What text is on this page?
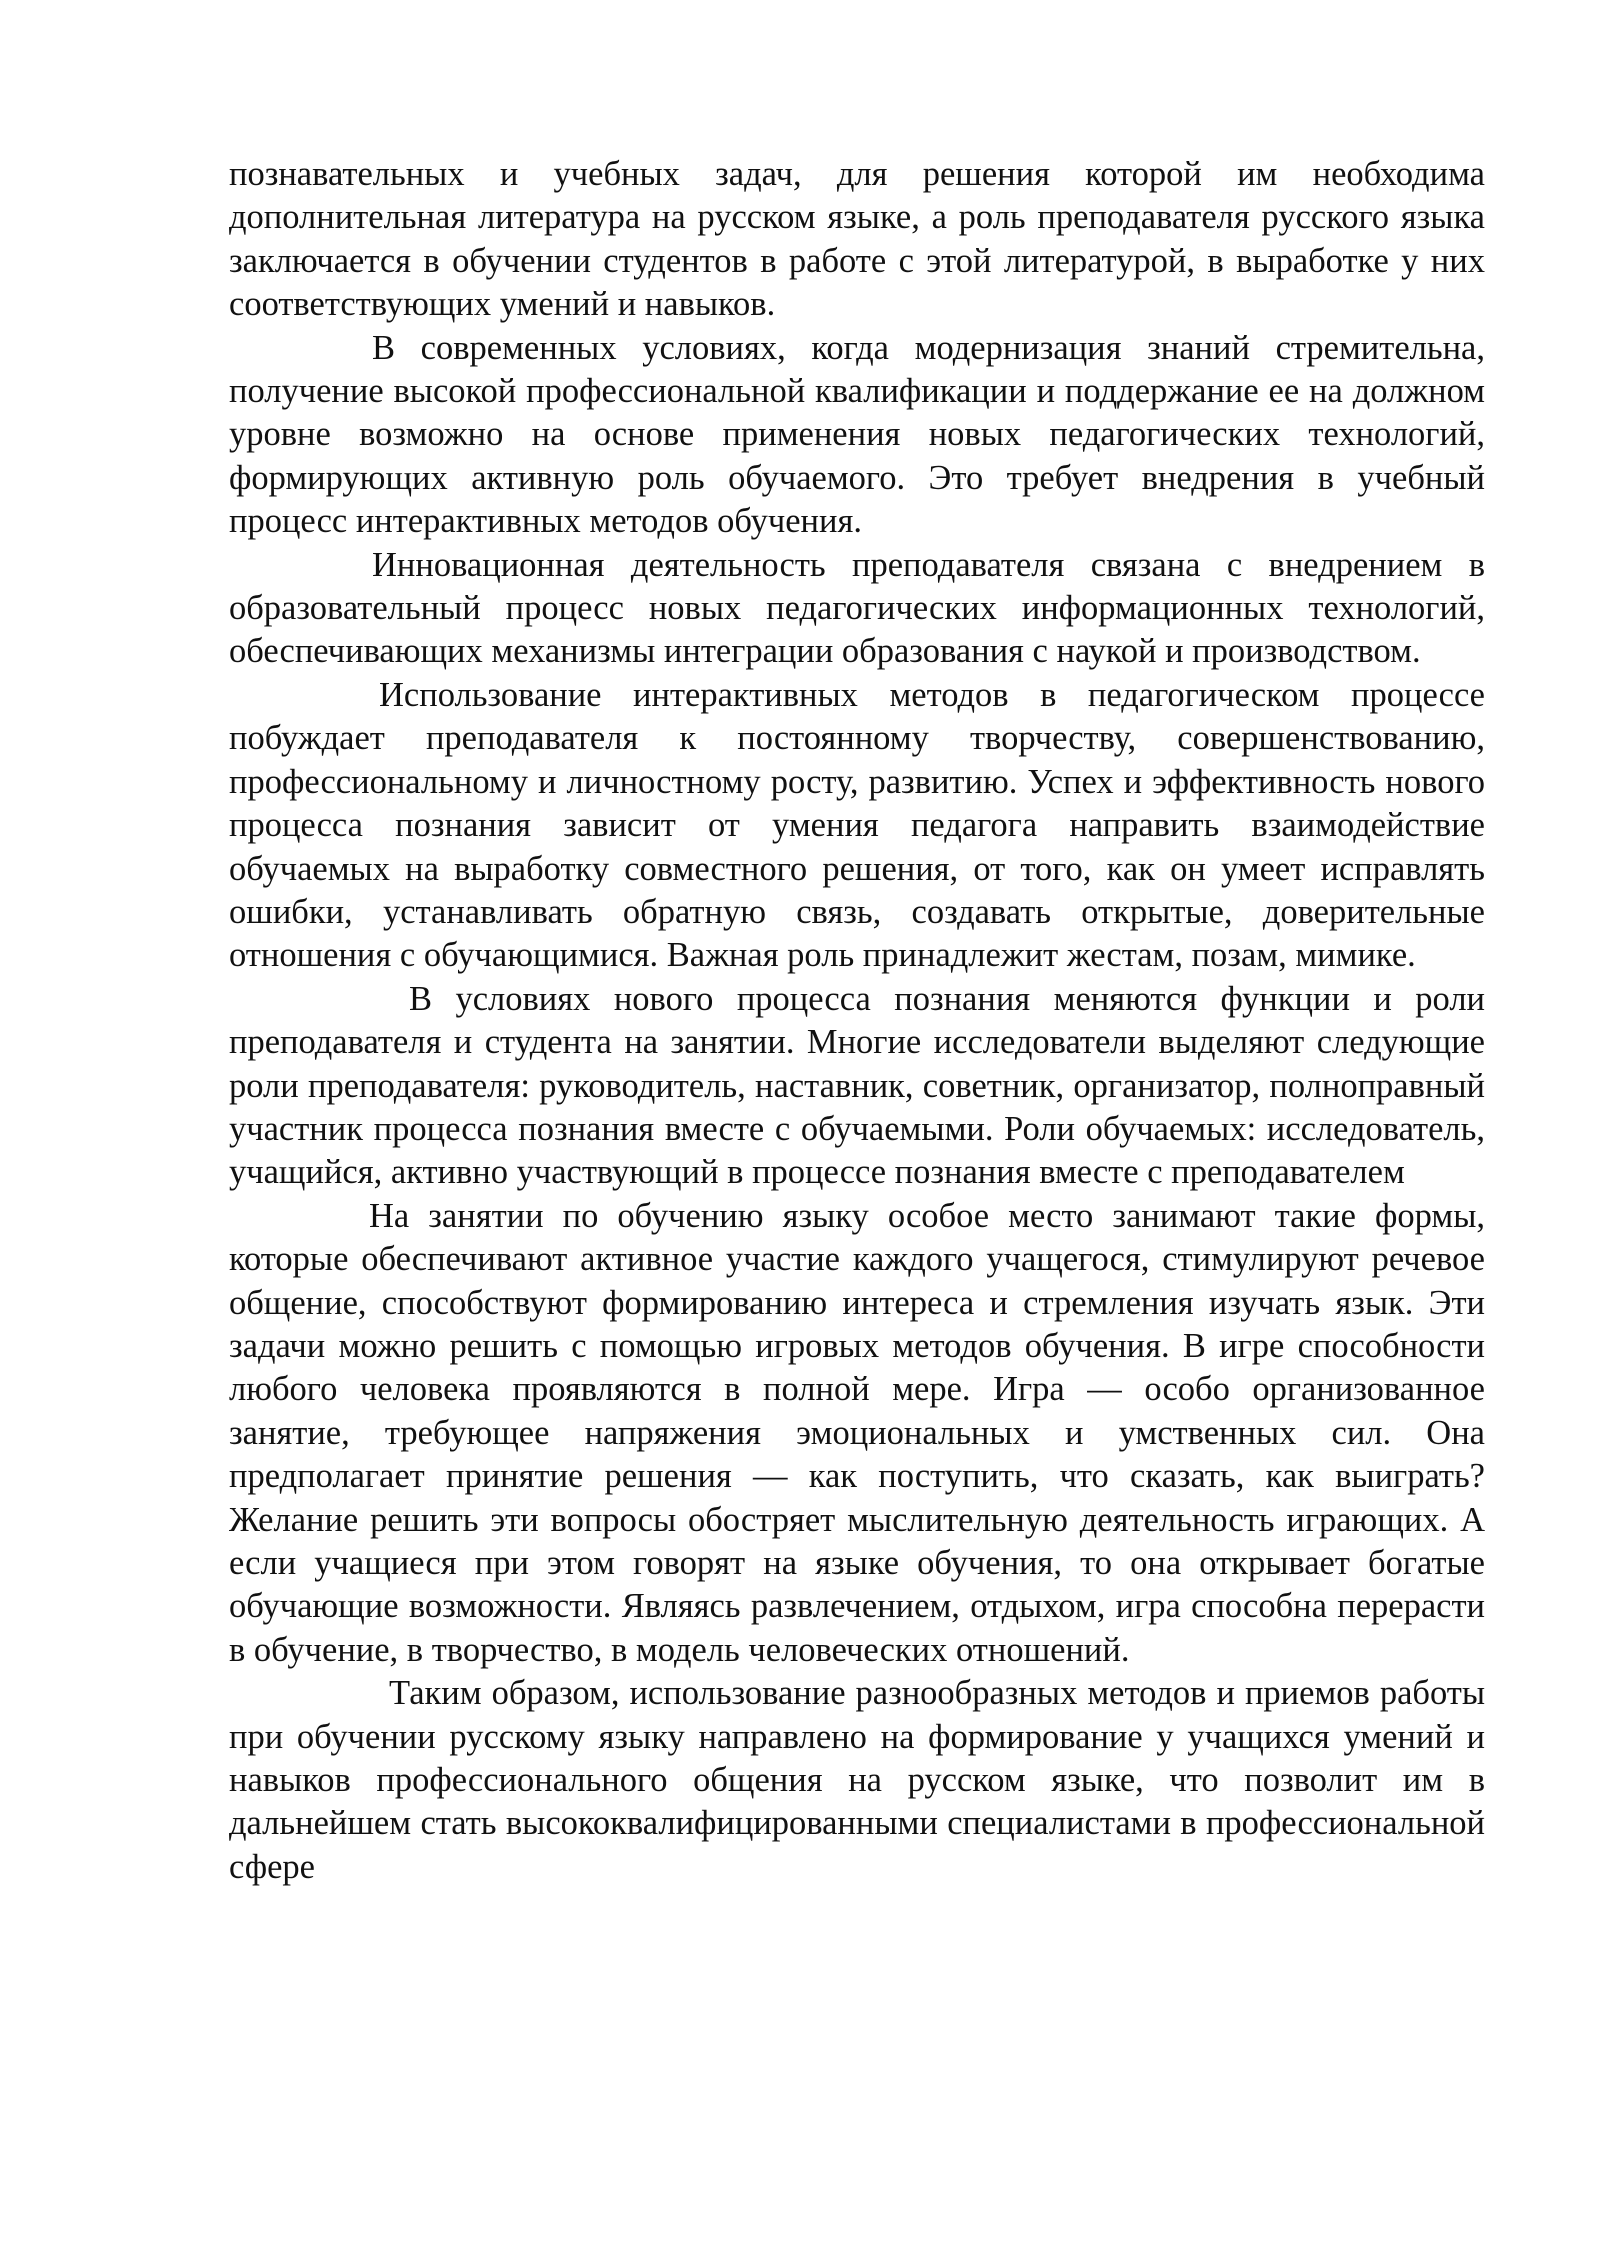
познавательных и учебных задач, для решения которой им необходима дополнительная литература на русском языке, а роль преподавателя русского языка заключается в обучении студентов в работе с этой литературой, в выработке у них соответствующих умений и навыков.

В современных условиях, когда модернизация знаний стремительна, получение высокой профессиональной квалификации и поддержание ее на должном уровне возможно на основе применения новых педагогических технологий, формирующих активную роль обучаемого. Это требует внедрения в учебный процесс интерактивных методов обучения.

Инновационная деятельность преподавателя связана с внедрением в образовательный процесс новых педагогических информационных технологий, обеспечивающих механизмы интеграции образования с наукой и производством.

Использование интерактивных методов в педагогическом процессе побуждает преподавателя к постоянному творчеству, совершенствованию, профессиональному и личностному росту, развитию. Успех и эффективность нового процесса познания зависит от умения педагога направить взаимодействие обучаемых на выработку совместного решения, от того, как он умеет исправлять ошибки, устанавливать обратную связь, создавать открытые, доверительные отношения с обучающимися. Важная роль принадлежит жестам, позам, мимике.

В условиях нового процесса познания меняются функции и роли преподавателя и студента на занятии. Многие исследователи выделяют следующие роли преподавателя: руководитель, наставник, советник, организатор, полноправный участник процесса познания вместе с обучаемыми. Роли обучаемых: исследователь, учащийся, активно участвующий в процессе познания вместе с преподавателем

На занятии по обучению языку особое место занимают такие формы, которые обеспечивают активное участие каждого учащегося, стимулируют речевое общение, способствуют формированию интереса и стремления изучать язык. Эти задачи можно решить с помощью игровых методов обучения. В игре способности любого человека проявляются в полной мере. Игра — особо организованное занятие, требующее напряжения эмоциональных и умственных сил. Она предполагает принятие решения — как поступить, что сказать, как выиграть? Желание решить эти вопросы обостряет мыслительную деятельность играющих. А если учащиеся при этом говорят на языке обучения, то она открывает богатые обучающие возможности. Являясь развлечением, отдыхом, игра способна перерасти в обучение, в творчество, в модель человеческих отношений.

Таким образом, использование разнообразных методов и приемов работы при обучении русскому языку направлено на формирование у учащихся умений и навыков профессионального общения на русском языке, что позволит им в дальнейшем стать высококвалифицированными специалистами в профессиональной сфере
